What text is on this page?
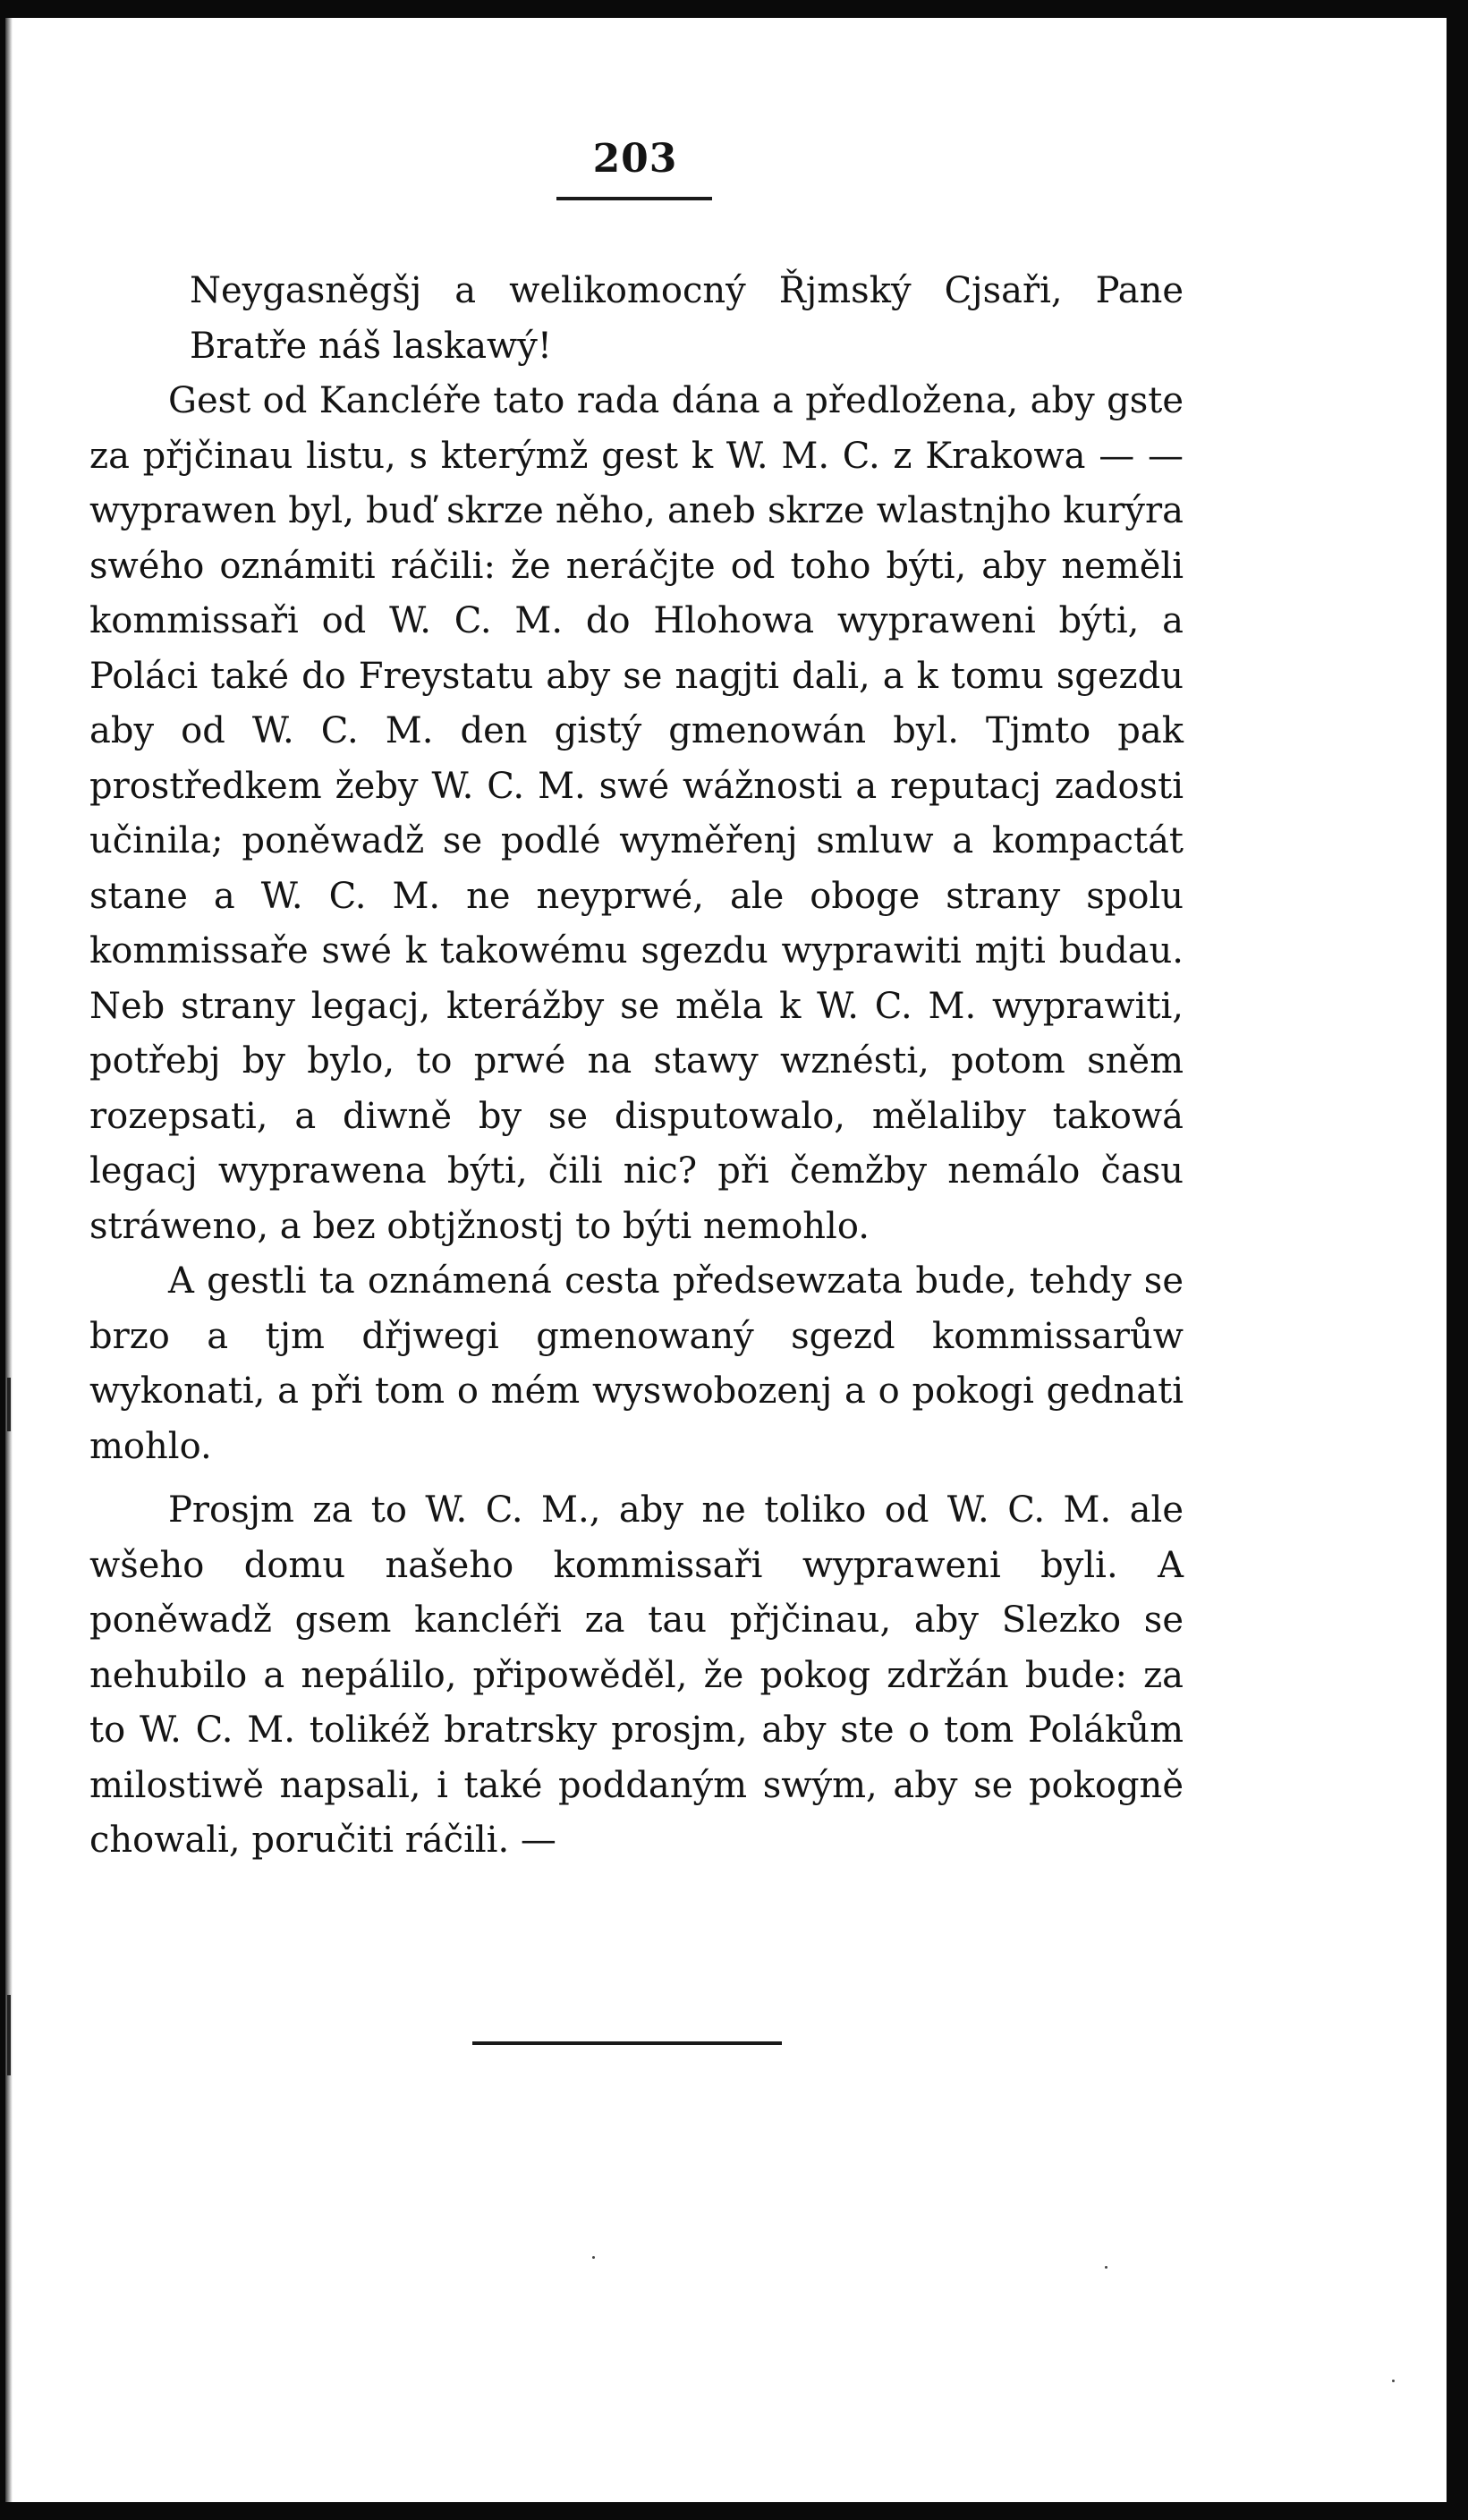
203

Neygasněgšj a welikomocný Řjmský Cjsaři, Pane Bratře náš laskawý!

Gest od Kancléře tato rada dána a předložena, aby gste za přjčinau listu, s kterýmž gest k W. M. C. z Krakowa — — wyprawen byl, buď skrze něho, aneb skrze wlastnjho kurýra swého oznámiti ráčili: že neráčjte od toho býti, aby neměli kommissaři od W. C. M. do Hlohowa wypraweni býti, a Poláci také do Freystatu aby se nagjti dali, a k tomu sgezdu aby od W. C. M. den gistý gmenowán byl. Tjmto pak prostředkem žeby W. C. M. swé wážnosti a reputacj zadosti učinila; poněwadž se podlé wyměřenj smluw a kompactát stane a W. C. M. ne neyprwé, ale oboge strany spolu kommissaře swé k takowému sgezdu wyprawiti mjti budau. Neb strany legacj, kterážby se měla k W. C. M. wyprawiti, potřebj by bylo, to prwé na stawy wznésti, potom sněm rozepsati, a diwně by se disputowalo, mělaliby takowá legacj wyprawena býti, čili nic? při čemžby nemálo času stráweno, a bez obtjžnostj to býti nemohlo.

A gestli ta oznámená cesta předsewzata bude, tehdy se brzo a tjm dřjwegi gmenowaný sgezd kommissarůw wykonati, a při tom o mém wyswobozenj a o pokogi gednati mohlo.

Prosjm za to W. C. M., aby ne toliko od W. C. M. ale wšeho domu našeho kommissaři wypraweni byli. A poněwadž gsem kancléři za tau přjčinau, aby Slezko se nehubilo a nepálilo, připowěděl, že pokog zdržán bude: za to W. C. M. tolikéž bratrsky prosjm, aby ste o tom Polákům milostiwě napsali, i také poddaným swým, aby se pokogně chowali, poručiti ráčili. —
